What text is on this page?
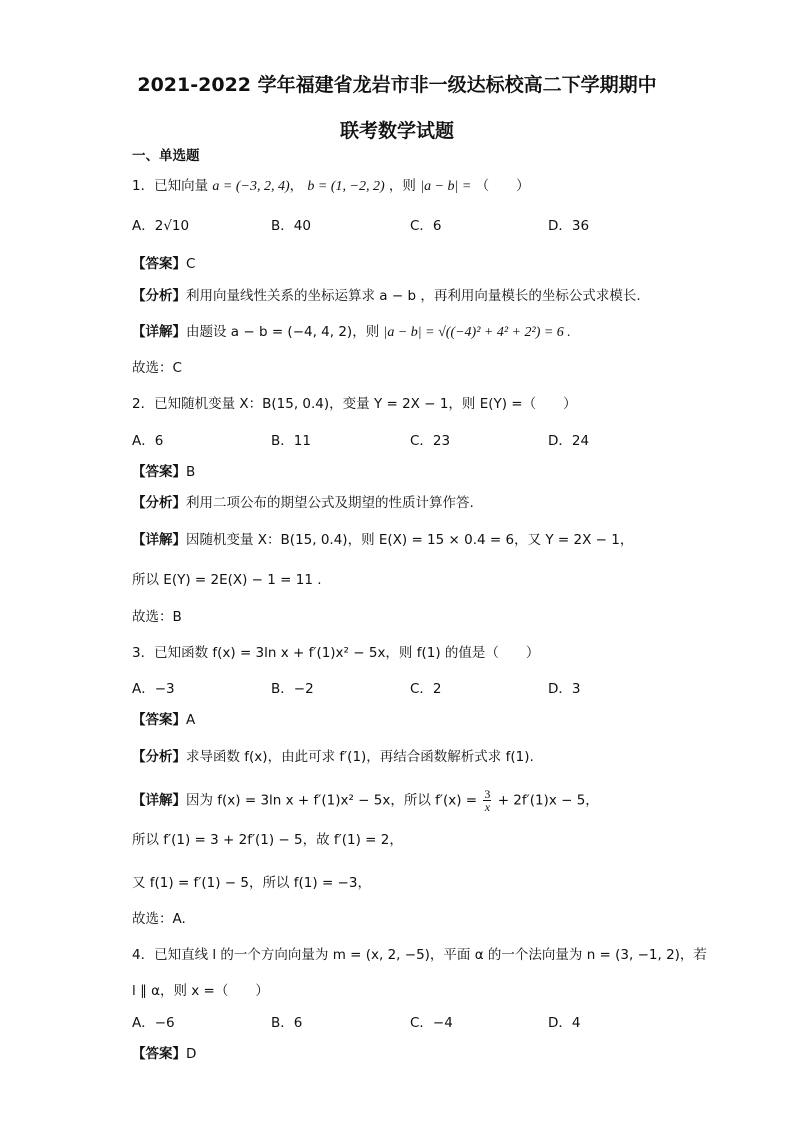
2021-2022 学年福建省龙岩市非一级达标校高二下学期期中
联考数学试题
一、单选题
1．已知向量 a = (−3, 2, 4)， b = (1, −2, 2) ，则 |a − b| = （　　）
A．2√10	B．40	C．6	D．36
【答案】C
【分析】利用向量线性关系的坐标运算求 a − b ，再利用向量模长的坐标公式求模长.
【详解】由题设 a − b = (−4, 4, 2)，则 |a − b| = √((−4)² + 4² + 2²) = 6 .
故选：C
2．已知随机变量 X：B(15, 0.4)，变量 Y = 2X − 1，则 E(Y) =（　　）
A．6	B．11	C．23	D．24
【答案】B
【分析】利用二项公布的期望公式及期望的性质计算作答.
【详解】因随机变量 X：B(15, 0.4)，则 E(X) = 15 × 0.4 = 6，又 Y = 2X − 1，
所以 E(Y) = 2E(X) − 1 = 11 .
故选：B
3．已知函数 f(x) = 3ln x + f′(1)x² − 5x，则 f(1) 的值是（　　）
A．−3	B．−2	C．2	D．3
【答案】A
【分析】求导函数 f(x)，由此可求 f′(1)，再结合函数解析式求 f(1).
【详解】因为 f(x) = 3ln x + f′(1)x² − 5x，所以 $f'(x) = \frac{3}{x} + 2f'(1)x - 5$，
所以 f′(1) = 3 + 2f′(1) − 5，故 f′(1) = 2，
又 f(1) = f′(1) − 5，所以 f(1) = −3，
故选：A.
4．已知直线 l 的一个方向向量为 m = (x, 2, −5)，平面 α 的一个法向量为 n = (3, −1, 2)，若
l ∥ α，则 x =（　　）
A．−6	B．6	C．−4	D．4
【答案】D
